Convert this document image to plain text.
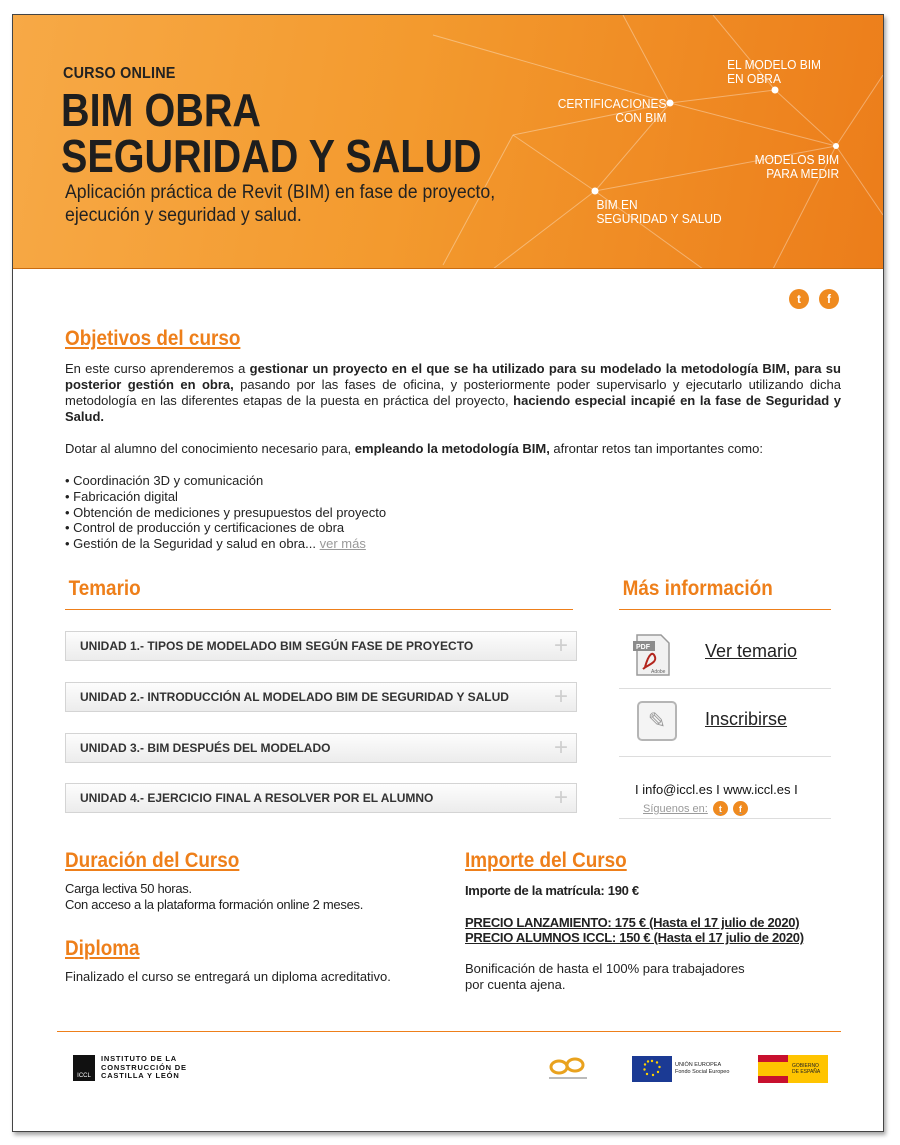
CURSO ONLINE
BIM OBRA
SEGURIDAD Y SALUD
Aplicación práctica de Revit (BIM) en fase de proyecto, ejecución y seguridad y salud.
EL MODELO BIM
EN OBRA
CERTIFICACIONES
CON BIM
MODELOS BIM
PARA MEDIR
BIM EN
SEGURIDAD Y SALUD
t	f
Objetivos del curso

En este curso aprenderemos a gestionar un proyecto en el que se ha utilizado para su modelado la metodología BIM, para su posterior gestión en obra, pasando por las fases de oficina, y posteriormente poder supervisarlo y ejecutarlo utilizando dicha metodología en las diferentes etapas de la puesta en práctica del proyecto, haciendo especial incapié en la fase de Seguridad y Salud.

Dotar al alumno del conocimiento necesario para, empleando la metodología BIM, afrontar retos tan importantes como:

• Coordinación 3D y comunicación
• Fabricación digital
• Obtención de mediciones y presupuestos del proyecto
• Control de producción y certificaciones de obra
• Gestión de la Seguridad y salud en obra... ver más
Temario
UNIDAD 1.- TIPOS DE MODELADO BIM SEGÚN FASE DE PROYECTO	+
UNIDAD 2.- INTRODUCCIÓN AL MODELADO BIM DE SEGURIDAD Y SALUD +
UNIDAD 3.- BIM DESPUÉS DEL MODELADO	+
UNIDAD 4.- EJERCICIO FINAL A RESOLVER POR EL ALUMNO	+
Más información
PDF
Adobe
Ver temario
✎	Inscribirse
I info@iccl.es I www.iccl.es I
Síguenos en:	t	f
Duración del Curso
Carga lectiva 50 horas.
Con acceso a la plataforma formación online 2 meses.
Diploma
Finalizado el curso se entregará un diploma acreditativo.
Importe del Curso
Importe de la matrícula: 190 €
PRECIO LANZAMIENTO: 175 € (Hasta el 17 julio de 2020)
PRECIO ALUMNOS ICCL: 150 € (Hasta el 17 julio de 2020)
Bonificación de hasta el 100% para trabajadores
por cuenta ajena.
ICCL
INSTITUTO DE LA
CONSTRUCCIÓN DE
CASTILLA Y LEÓN
UNIÓN EUROPEA
Fondo Social Europeo
GOBIERNO
DE ESPAÑA
